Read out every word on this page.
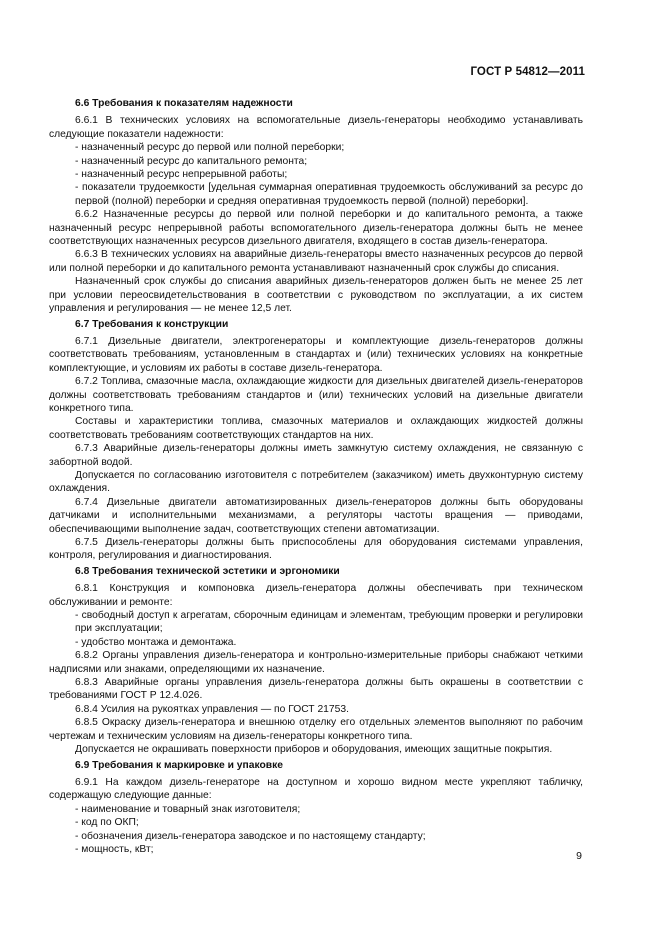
ГОСТ Р 54812—2011

6.6 Требования к показателям надежности

6.6.1 В технических условиях на вспомогательные дизель-генераторы необходимо устанавливать следующие показатели надежности:

- назначенный ресурс до первой или полной переборки;

- назначенный ресурс до капитального ремонта;

- назначенный ресурс непрерывной работы;

- показатели трудоемкости [удельная суммарная оперативная трудоемкость обслуживаний за ресурс до первой (полной) переборки и средняя оперативная трудоемкость первой (полной) переборки].

6.6.2 Назначенные ресурсы до первой или полной переборки и до капитального ремонта, а также назначенный ресурс непрерывной работы вспомогательного дизель-генератора должны быть не менее соответствующих назначенных ресурсов дизельного двигателя, входящего в состав дизель-генератора.

6.6.3 В технических условиях на аварийные дизель-генераторы вместо назначенных ресурсов до первой или полной переборки и до капитального ремонта устанавливают назначенный срок службы до списания.

Назначенный срок службы до списания аварийных дизель-генераторов должен быть не менее 25 лет при условии переосвидетельствования в соответствии с руководством по эксплуатации, а их систем управления и регулирования — не менее 12,5 лет.

6.7 Требования к конструкции

6.7.1 Дизельные двигатели, электрогенераторы и комплектующие дизель-генераторов должны соответствовать требованиям, установленным в стандартах и (или) технических условиях на конкретные комплектующие, и условиям их работы в составе дизель-генератора.

6.7.2 Топлива, смазочные масла, охлаждающие жидкости для дизельных двигателей дизель-генераторов должны соответствовать требованиям стандартов и (или) технических условий на дизельные двигатели конкретного типа.

Составы и характеристики топлива, смазочных материалов и охлаждающих жидкостей должны соответствовать требованиям соответствующих стандартов на них.

6.7.3 Аварийные дизель-генераторы должны иметь замкнутую систему охлаждения, не связанную с забортной водой.

Допускается по согласованию изготовителя с потребителем (заказчиком) иметь двухконтурную систему охлаждения.

6.7.4 Дизельные двигатели автоматизированных дизель-генераторов должны быть оборудованы датчиками и исполнительными механизмами, а регуляторы частоты вращения — приводами, обеспечивающими выполнение задач, соответствующих степени автоматизации.

6.7.5 Дизель-генераторы должны быть приспособлены для оборудования системами управления, контроля, регулирования и диагностирования.

6.8 Требования технической эстетики и эргономики

6.8.1 Конструкция и компоновка дизель-генератора должны обеспечивать при техническом обслуживании и ремонте:

- свободный доступ к агрегатам, сборочным единицам и элементам, требующим проверки и регулировки при эксплуатации;

- удобство монтажа и демонтажа.

6.8.2 Органы управления дизель-генератора и контрольно-измерительные приборы снабжают четкими надписями или знаками, определяющими их назначение.

6.8.3 Аварийные органы управления дизель-генератора должны быть окрашены в соответствии с требованиями ГОСТ Р 12.4.026.

6.8.4 Усилия на рукоятках управления — по ГОСТ 21753.

6.8.5 Окраску дизель-генератора и внешнюю отделку его отдельных элементов выполняют по рабочим чертежам и техническим условиям на дизель-генераторы конкретного типа.

Допускается не окрашивать поверхности приборов и оборудования, имеющих защитные покрытия.

6.9 Требования к маркировке и упаковке

6.9.1 На каждом дизель-генераторе на доступном и хорошо видном месте укрепляют табличку, содержащую следующие данные:

- наименование и товарный знак изготовителя;

- код по ОКП;

- обозначения дизель-генератора заводское и по настоящему стандарту;

- мощность, кВт;

9
